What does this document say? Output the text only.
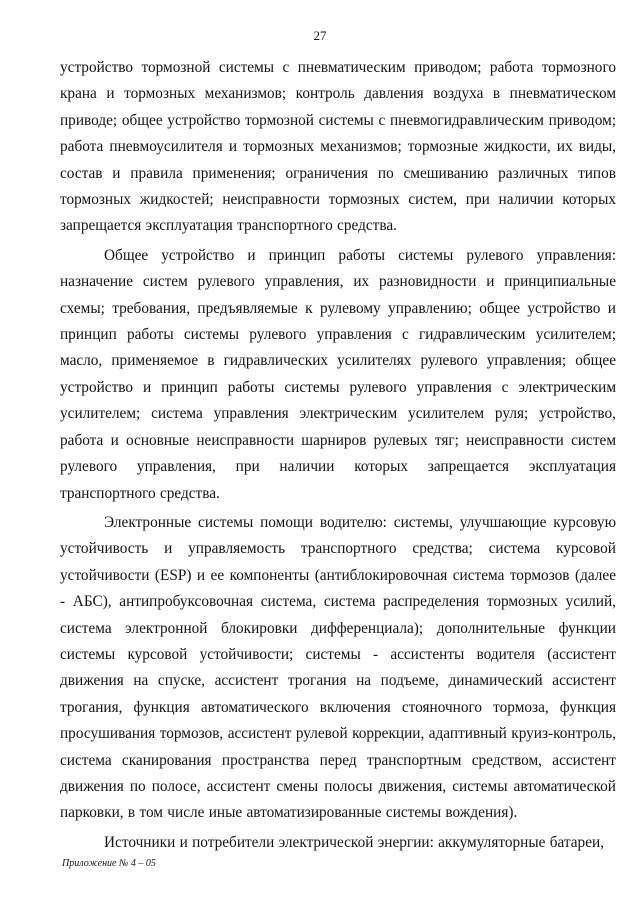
27

устройство тормозной системы с пневматическим приводом; работа тормозного крана и тормозных механизмов; контроль давления воздуха в пневматическом приводе; общее устройство тормозной системы с пневмогидравлическим приводом; работа пневмоусилителя и тормозных механизмов; тормозные жидкости, их виды, состав и правила применения; ограничения по смешиванию различных типов тормозных жидкостей; неисправности тормозных систем, при наличии которых запрещается эксплуатация транспортного средства.

Общее устройство и принцип работы системы рулевого управления: назначение систем рулевого управления, их разновидности и принципиальные схемы; требования, предъявляемые к рулевому управлению; общее устройство и принцип работы системы рулевого управления с гидравлическим усилителем; масло, применяемое в гидравлических усилителях рулевого управления; общее устройство и принцип работы системы рулевого управления с электрическим усилителем; система управления электрическим усилителем руля; устройство, работа и основные неисправности шарниров рулевых тяг; неисправности систем рулевого управления, при наличии которых запрещается эксплуатация транспортного средства.

Электронные системы помощи водителю: системы, улучшающие курсовую устойчивость и управляемость транспортного средства; система курсовой устойчивости (ESP) и ее компоненты (антиблокировочная система тормозов (далее - АБС), антипробуксовочная система, система распределения тормозных усилий, система электронной блокировки дифференциала); дополнительные функции системы курсовой устойчивости; системы - ассистенты водителя (ассистент движения на спуске, ассистент трогания на подъеме, динамический ассистент трогания, функция автоматического включения стояночного тормоза, функция просушивания тормозов, ассистент рулевой коррекции, адаптивный круиз-контроль, система сканирования пространства перед транспортным средством, ассистент движения по полосе, ассистент смены полосы движения, системы автоматической парковки, в том числе иные автоматизированные системы вождения).

Источники и потребители электрической энергии: аккумуляторные батареи,

Приложение № 4 – 05
